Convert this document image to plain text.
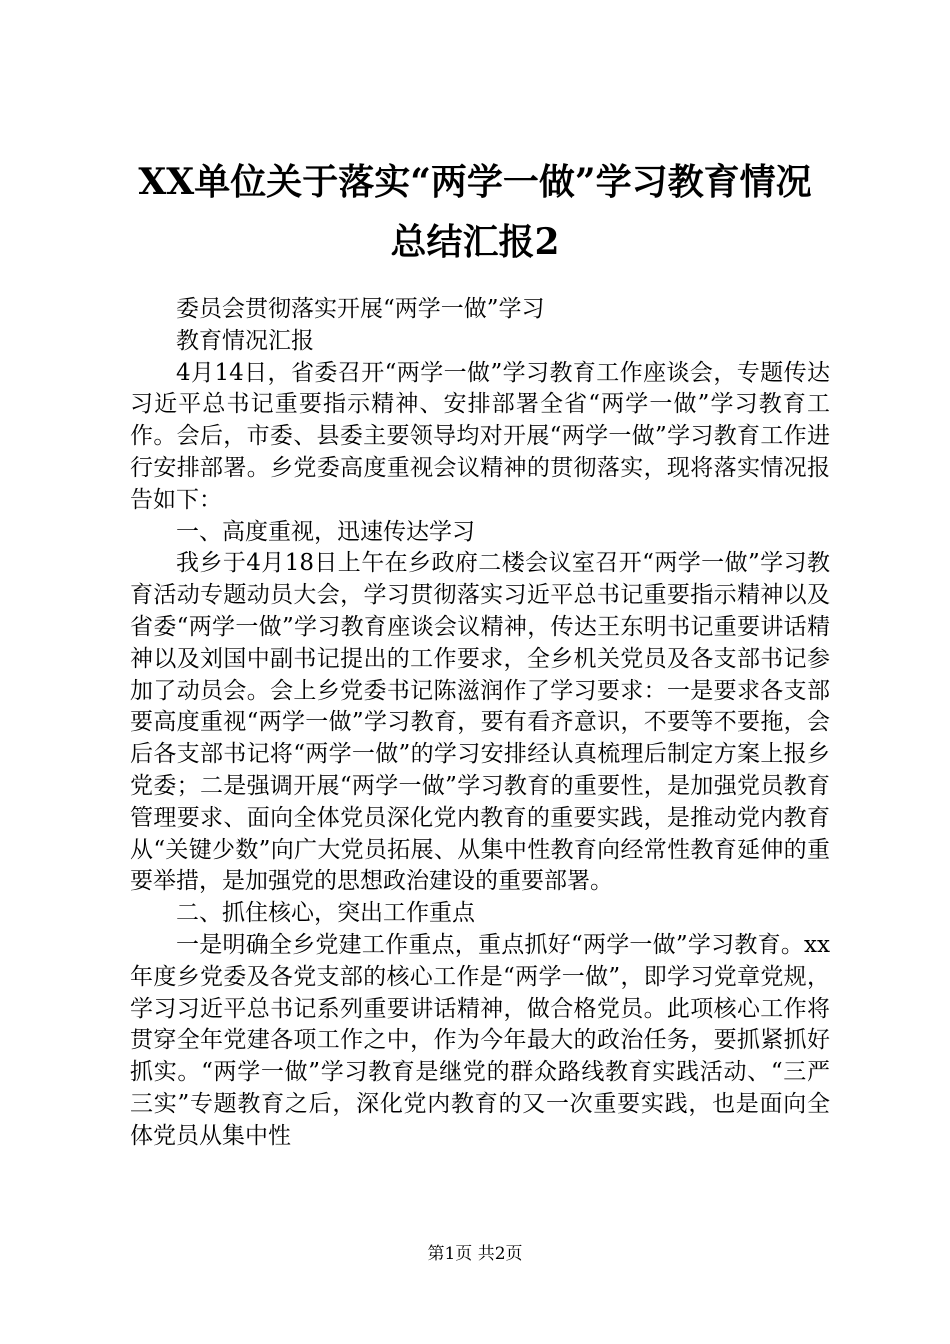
XX单位关于落实“两学一做”学习教育情况
总结汇报2

委员会贯彻落实开展“两学一做”学习

教育情况汇报

4月14日，省委召开“两学一做”学习教育工作座谈会，专题传达习近平总书记重要指示精神、安排部署全省“两学一做”学习教育工作。会后，市委、县委主要领导均对开展“两学一做”学习教育工作进行安排部署。乡党委高度重视会议精神的贯彻落实，现将落实情况报告如下：

一、高度重视，迅速传达学习

我乡于4月18日上午在乡政府二楼会议室召开“两学一做”学习教育活动专题动员大会，学习贯彻落实习近平总书记重要指示精神以及省委“两学一做”学习教育座谈会议精神，传达王东明书记重要讲话精神以及刘国中副书记提出的工作要求，全乡机关党员及各支部书记参加了动员会。会上乡党委书记陈滋润作了学习要求：一是要求各支部要高度重视“两学一做”学习教育，要有看齐意识，不要等不要拖，会后各支部书记将“两学一做”的学习安排经认真梳理后制定方案上报乡党委；二是强调开展“两学一做”学习教育的重要性，是加强党员教育管理要求、面向全体党员深化党内教育的重要实践，是推动党内教育从“关键少数”向广大党员拓展、从集中性教育向经常性教育延伸的重要举措，是加强党的思想政治建设的重要部署。

二、抓住核心，突出工作重点

一是明确全乡党建工作重点，重点抓好“两学一做”学习教育。xx年度乡党委及各党支部的核心工作是“两学一做”，即学习党章党规，学习习近平总书记系列重要讲话精神，做合格党员。此项核心工作将贯穿全年党建各项工作之中，作为今年最大的政治任务，要抓紧抓好抓实。“两学一做”学习教育是继党的群众路线教育实践活动、“三严三实”专题教育之后，深化党内教育的又一次重要实践，也是面向全体党员从集中性

第1页 共2页
